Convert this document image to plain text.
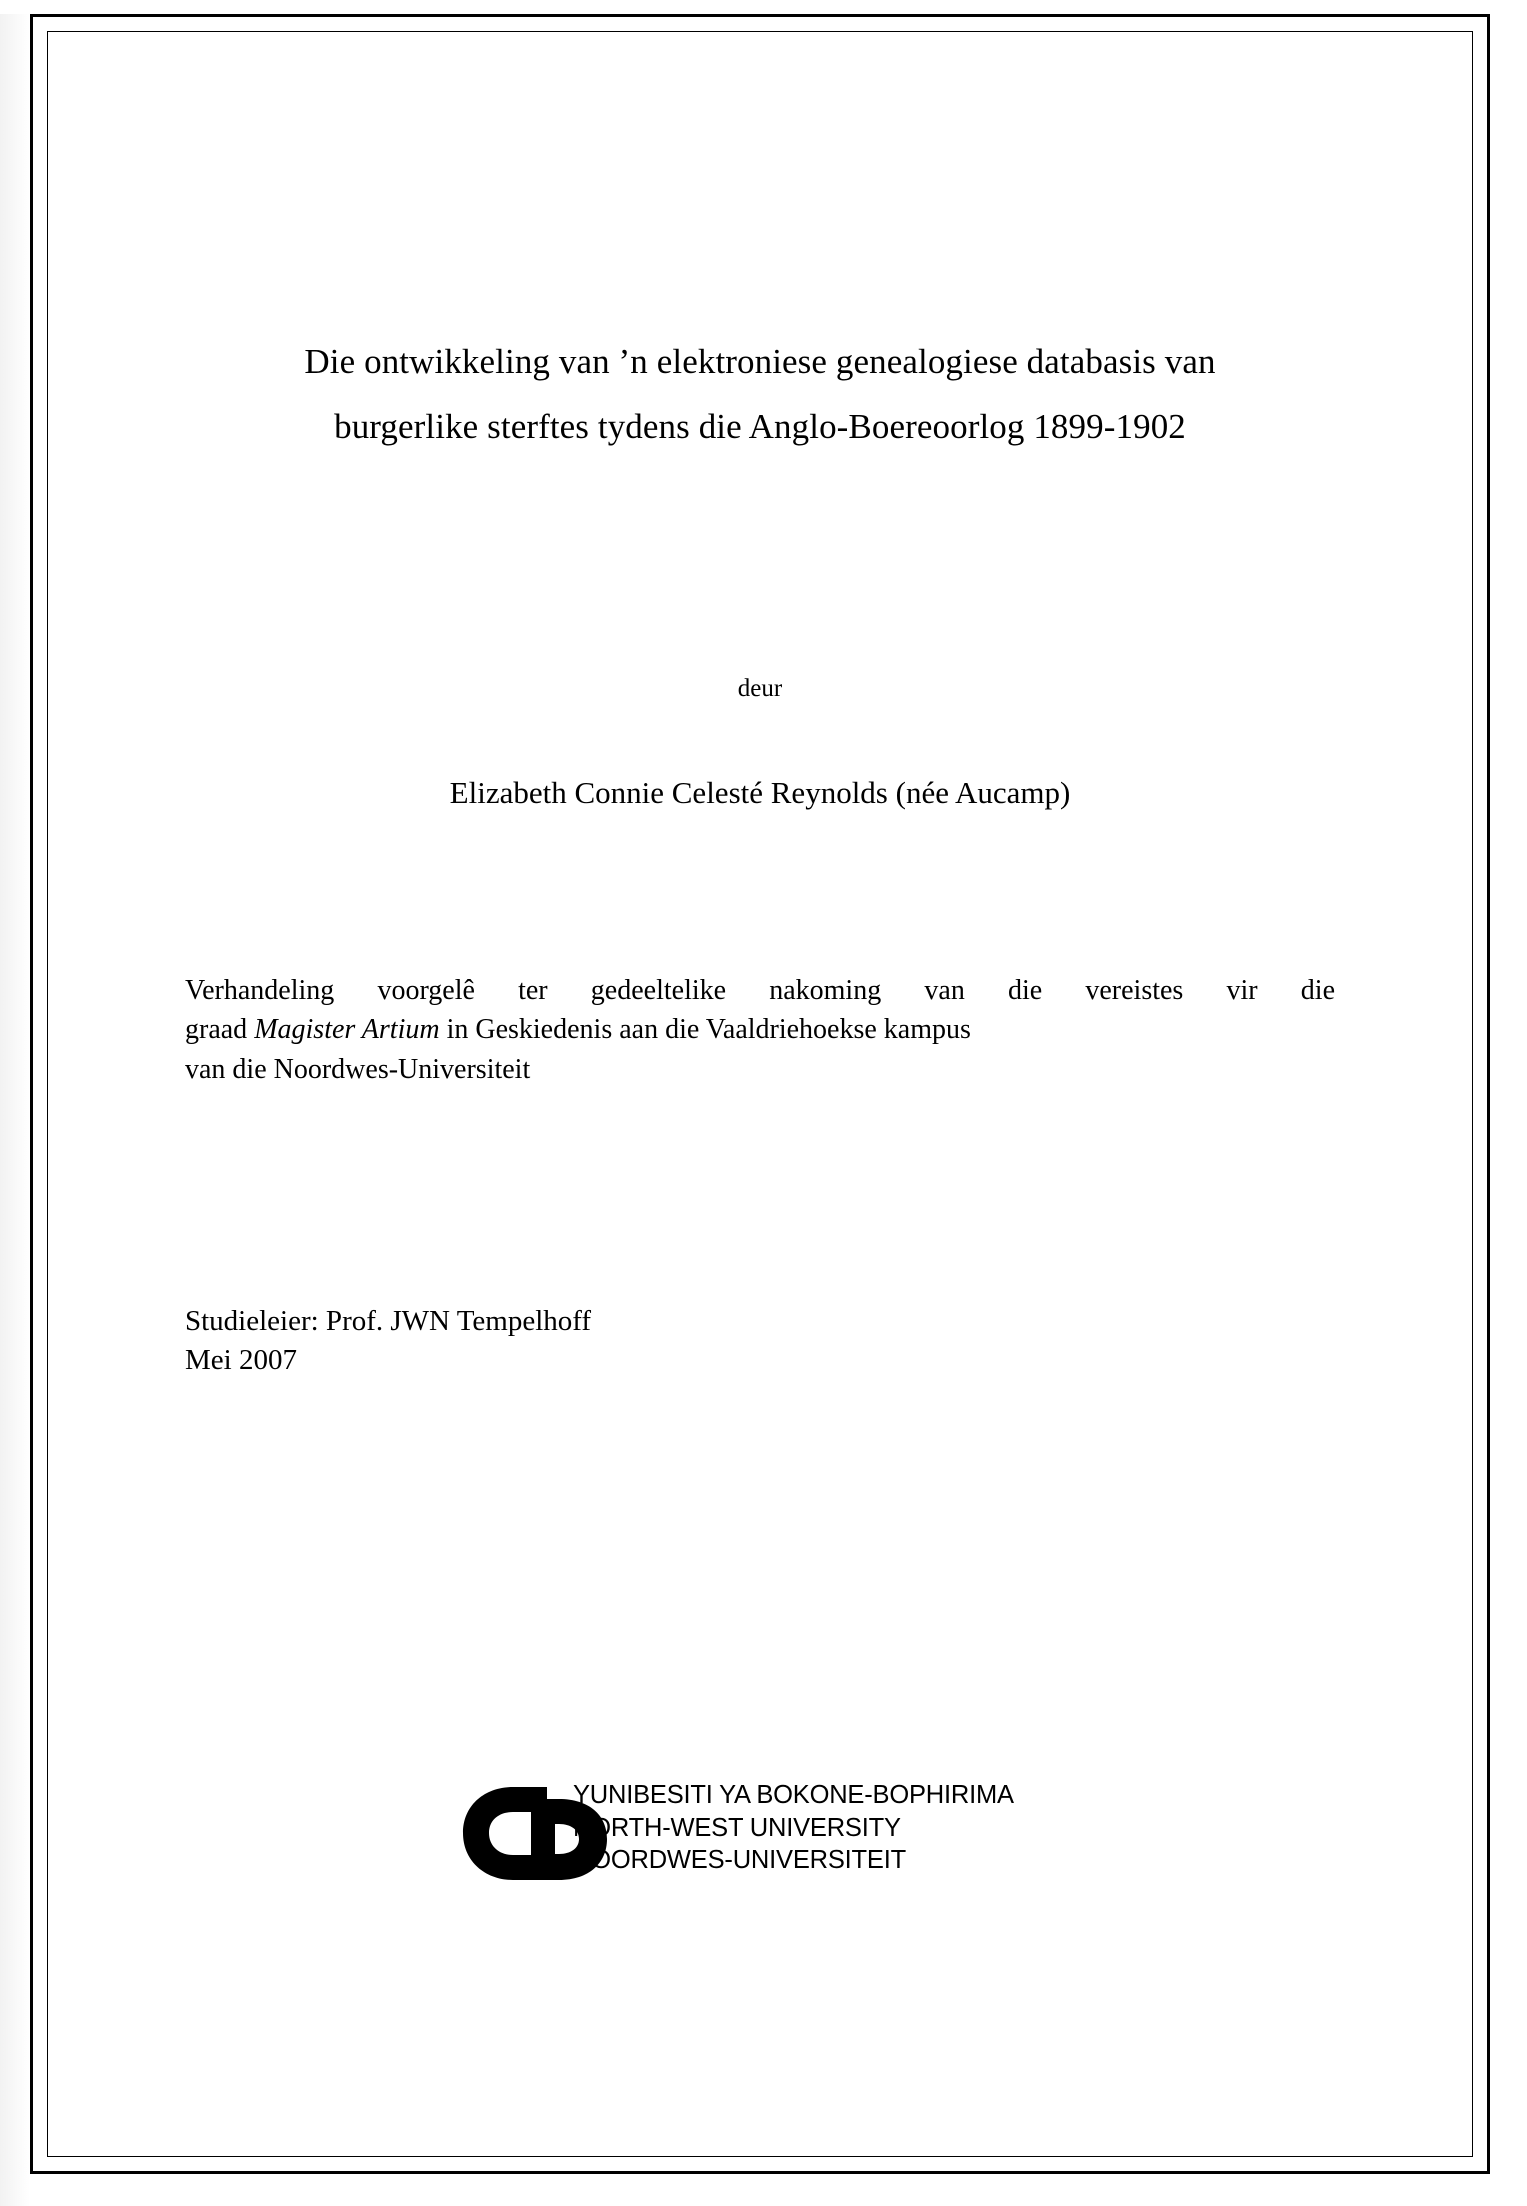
Die ontwikkeling van ’n elektroniese genealogiese databasis van
burgerlike sterftes tydens die Anglo-Boereoorlog 1899-1902

deur

Elizabeth Connie Celesté Reynolds (née Aucamp)

Verhandeling voorgelê ter gedeeltelike nakoming van die vereistes vir die
graad Magister Artium in Geskiedenis aan die Vaaldriehoekse kampus
van die Noordwes-Universiteit
Studieleier: Prof. JWN Tempelhoff
Mei 2007
YUNIBESITI YA BOKONE-BOPHIRIMA
NORTH-WEST UNIVERSITY
NOORDWES-UNIVERSITEIT
